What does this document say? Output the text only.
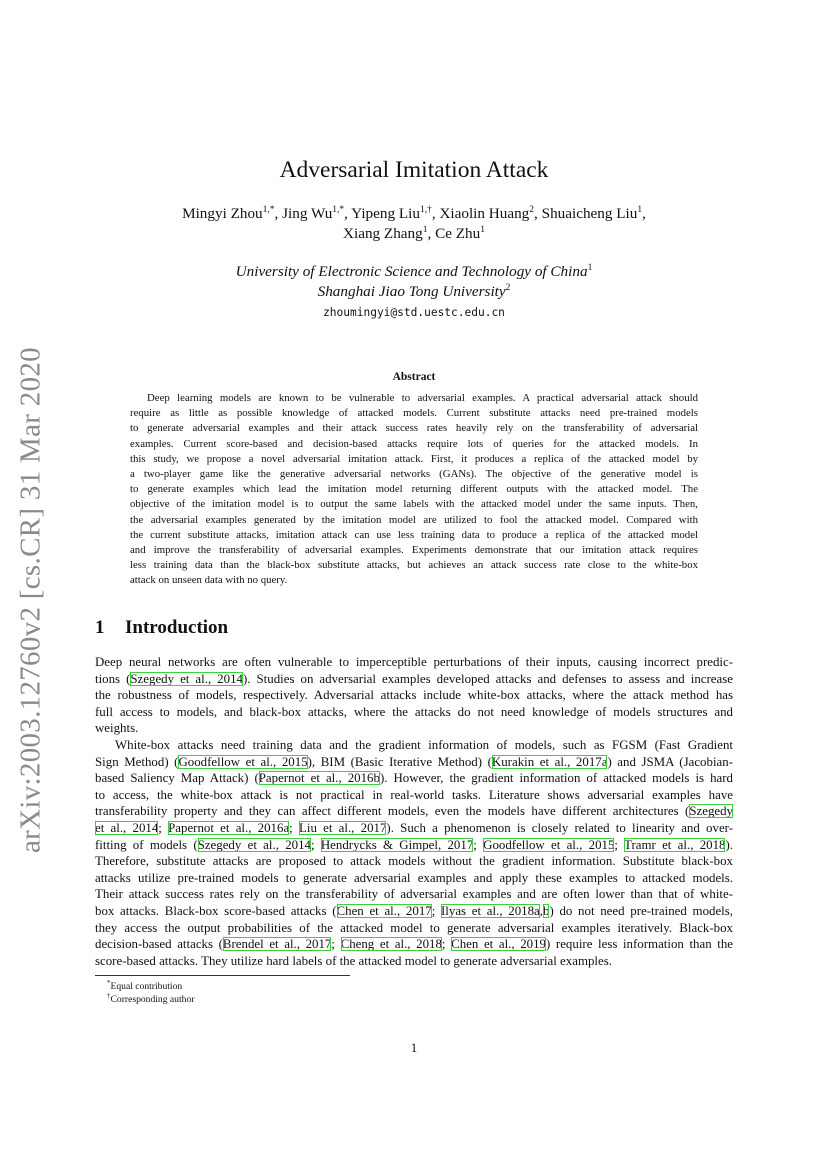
arXiv:2003.12760v2 [cs.CR] 31 Mar 2020
Adversarial Imitation Attack
Mingyi Zhou$^{1,*}$, Jing $Wu^{1,*}$, Yipeng Liu$^{1,\dagger}$, Xiaolin Huang$^2$, Shuaicheng Liu$^1$,
Xiang Zhang$^1$, Ce Zhu$^1$
University of Electronic Science and Technology of China$^1$
Shanghai Jiao Tong University$^2$
zhoumingyi@std.uestc.edu.cn
Abstract

Deep learning models are known to be vulnerable to adversarial examples. A practical adversarial attack should

require as little as possible knowledge of attacked models. Current substitute attacks need pre-trained models

to generate adversarial examples and their attack success rates heavily rely on the transferability of adversarial

examples. Current score-based and decision-based attacks require lots of queries for the attacked models. In

this study, we propose a novel adversarial imitation attack. First, it produces a replica of the attacked model by

a two-player game like the generative adversarial networks (GANs). The objective of the generative model is

to generate examples which lead the imitation model returning different outputs with the attacked model. The

objective of the imitation model is to output the same labels with the attacked model under the same inputs. Then,

the adversarial examples generated by the imitation model are utilized to fool the attacked model. Compared with

the current substitute attacks, imitation attack can use less training data to produce a replica of the attacked model

and improve the transferability of adversarial examples. Experiments demonstrate that our imitation attack requires

less training data than the black-box substitute attacks, but achieves an attack success rate close to the white-box

attack on unseen data with no query.

1 Introduction

Deep neural networks are often vulnerable to imperceptible perturbations of their inputs, causing incorrect predic-

tions (Szegedy et al., 2014). Studies on adversarial examples developed attacks and defenses to assess and increase

the robustness of models, respectively. Adversarial attacks include white-box attacks, where the attack method has

full access to models, and black-box attacks, where the attacks do not need knowledge of models structures and

weights.

White-box attacks need training data and the gradient information of models, such as FGSM (Fast Gradient

Sign Method) (Goodfellow et al., 2015), BIM (Basic Iterative Method) (Kurakin et al., 2017a) and JSMA (Jacobian-

based Saliency Map Attack) (Papernot et al., 2016b). However, the gradient information of attacked models is hard

to access, the white-box attack is not practical in real-world tasks. Literature shows adversarial examples have

transferability property and they can affect different models, even the models have different architectures (Szegedy

et al., 2014; Papernot et al., 2016a; Liu et al., 2017). Such a phenomenon is closely related to linearity and over-

fitting of models (Szegedy et al., 2014; Hendrycks & Gimpel, 2017; Goodfellow et al., 2015; Tramr et al., 2018).

Therefore, substitute attacks are proposed to attack models without the gradient information. Substitute black-box

attacks utilize pre-trained models to generate adversarial examples and apply these examples to attacked models.

Their attack success rates rely on the transferability of adversarial examples and are often lower than that of white-

box attacks. Black-box score-based attacks (Chen et al., 2017; Ilyas et al., 2018a,b) do not need pre-trained models,

they access the output probabilities of the attacked model to generate adversarial examples iteratively. Black-box

decision-based attacks (Brendel et al., 2017; Cheng et al., 2018; Chen et al., 2019) require less information than the

score-based attacks. They utilize hard labels of the attacked model to generate adversarial examples.

*Equal contribution
†Corresponding author
1
